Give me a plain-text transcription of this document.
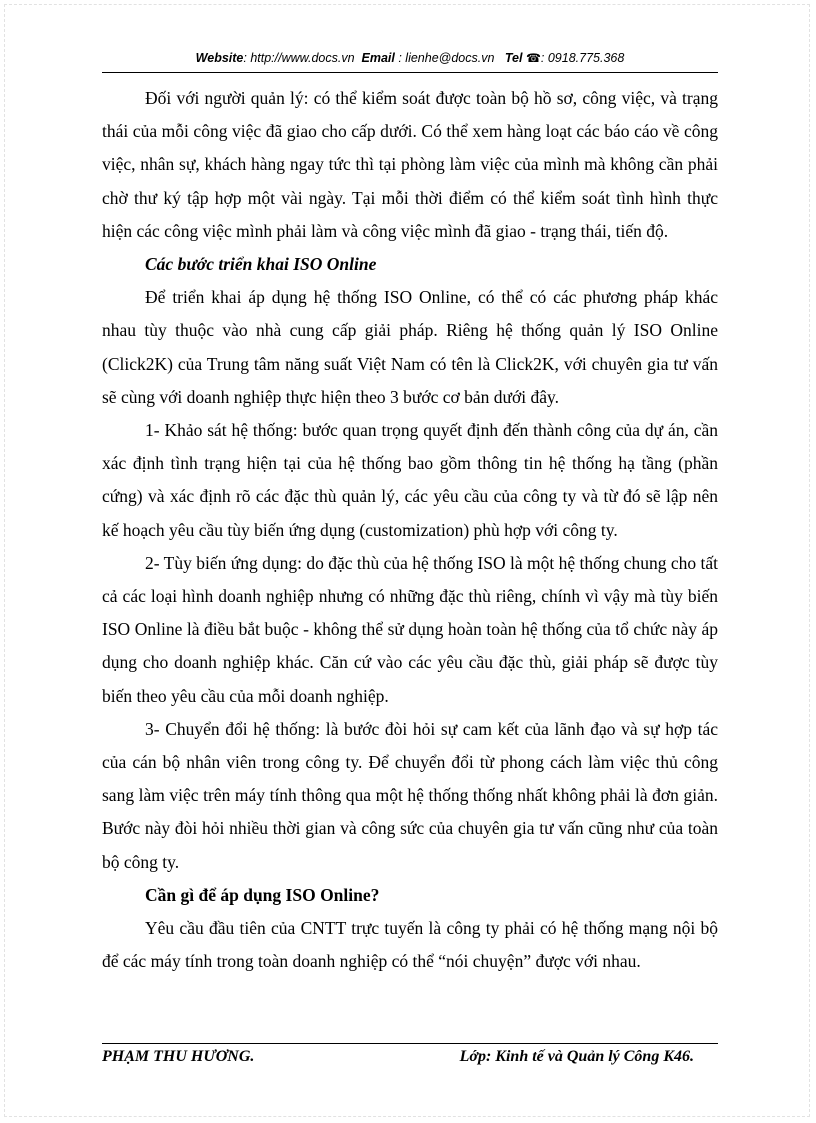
Website: http://www.docs.vn Email : lienhe@docs.vn Tel ☎: 0918.775.368

Đối với người quản lý: có thể kiểm soát được toàn bộ hồ sơ, công việc, và trạng thái của mỗi công việc đã giao cho cấp dưới. Có thể xem hàng loạt các báo cáo về công việc, nhân sự, khách hàng ngay tức thì tại phòng làm việc của mình mà không cần phải chờ thư ký tập hợp một vài ngày. Tại mỗi thời điểm có thể kiểm soát tình hình thực hiện các công việc mình phải làm và công việc mình đã giao - trạng thái, tiến độ.

Các bước triển khai ISO Online

Để triển khai áp dụng hệ thống ISO Online, có thể có các phương pháp khác nhau tùy thuộc vào nhà cung cấp giải pháp. Riêng hệ thống quản lý ISO Online (Click2K) của Trung tâm năng suất Việt Nam có tên là Click2K, với chuyên gia tư vấn sẽ cùng với doanh nghiệp thực hiện theo 3 bước cơ bản dưới đây.

1- Khảo sát hệ thống: bước quan trọng quyết định đến thành công của dự án, cần xác định tình trạng hiện tại của hệ thống bao gồm thông tin hệ thống hạ tầng (phần cứng) và xác định rõ các đặc thù quản lý, các yêu cầu của công ty và từ đó sẽ lập nên kế hoạch yêu cầu tùy biến ứng dụng (customization) phù hợp với công ty.

2- Tùy biến ứng dụng: do đặc thù của hệ thống ISO là một hệ thống chung cho tất cả các loại hình doanh nghiệp nhưng có những đặc thù riêng, chính vì vậy mà tùy biến ISO Online là điều bắt buộc - không thể sử dụng hoàn toàn hệ thống của tổ chức này áp dụng cho doanh nghiệp khác. Căn cứ vào các yêu cầu đặc thù, giải pháp sẽ được tùy biến theo yêu cầu của mỗi doanh nghiệp.

3- Chuyển đổi hệ thống: là bước đòi hỏi sự cam kết của lãnh đạo và sự hợp tác của cán bộ nhân viên trong công ty. Để chuyển đổi từ phong cách làm việc thủ công sang làm việc trên máy tính thông qua một hệ thống thống nhất không phải là đơn giản. Bước này đòi hỏi nhiều thời gian và công sức của chuyên gia tư vấn cũng như của toàn bộ công ty.

Cần gì để áp dụng ISO Online?

Yêu cầu đầu tiên của CNTT trực tuyến là công ty phải có hệ thống mạng nội bộ để các máy tính trong toàn doanh nghiệp có thể “nói chuyện” được với nhau.

PHẠM THU HƯƠNG.	Lớp: Kinh tế và Quản lý Công K46.
